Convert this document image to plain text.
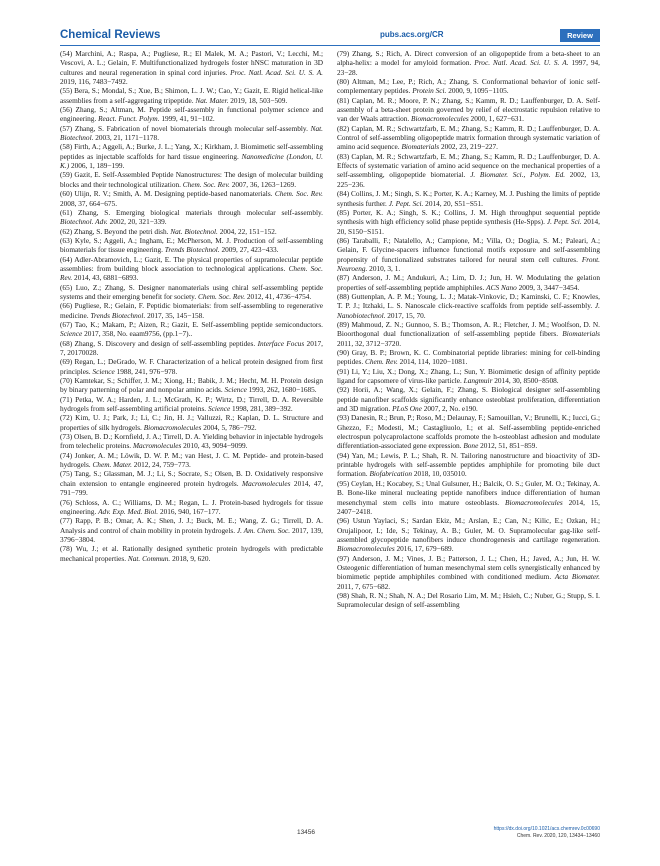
Chemical Reviews	pubs.acs.org/CR	Review

(54) Marchini, A.; Raspa, A.; Pugliese, R.; El Malek, M. A.; Pastori, V.; Lecchi, M.; Vescovi, A. L.; Gelain, F. Multifunctionalized hydrogels foster hNSC maturation in 3D cultures and neural regeneration in spinal cord injuries. Proc. Natl. Acad. Sci. U. S. A. 2019, 116, 7483−7492.

(55) Bera, S.; Mondal, S.; Xue, B.; Shimon, L. J. W.; Cao, Y.; Gazit, E. Rigid helical-like assemblies from a self-aggregating tripeptide. Nat. Mater. 2019, 18, 503−509.

(56) Zhang, S.; Altman, M. Peptide self-assembly in functional polymer science and engineering. React. Funct. Polym. 1999, 41, 91−102.

(57) Zhang, S. Fabrication of novel biomaterials through molecular self-assembly. Nat. Biotechnol. 2003, 21, 1171−1178.

(58) Firth, A.; Aggeli, A.; Burke, J. L.; Yang, X.; Kirkham, J. Biomimetic self-assembling peptides as injectable scaffolds for hard tissue engineering. Nanomedicine (London, U. K.) 2006, 1, 189−199.

(59) Gazit, E. Self-Assembled Peptide Nanostructures: The design of molecular building blocks and their technological utilization. Chem. Soc. Rev. 2007, 36, 1263−1269.

(60) Ulijn, R. V.; Smith, A. M. Designing peptide-based nanomaterials. Chem. Soc. Rev. 2008, 37, 664−675.

(61) Zhang, S. Emerging biological materials through molecular self-assembly. Biotechnol. Adv. 2002, 20, 321−339.

(62) Zhang, S. Beyond the petri dish. Nat. Biotechnol. 2004, 22, 151−152.

(63) Kyle, S.; Aggeli, A.; Ingham, E.; McPherson, M. J. Production of self-assembling biomaterials for tissue engineering. Trends Biotechnol. 2009, 27, 423−433.

(64) Adler-Abramovich, L.; Gazit, E. The physical properties of supramolecular peptide assemblies: from building block association to technological applications. Chem. Soc. Rev. 2014, 43, 6881−6893.

(65) Luo, Z.; Zhang, S. Designer nanomaterials using chiral self-assembling peptide systems and their emerging benefit for society. Chem. Soc. Rev. 2012, 41, 4736−4754.

(66) Pugliese, R.; Gelain, F. Peptidic biomaterials: from self-assembling to regenerative medicine. Trends Biotechnol. 2017, 35, 145−158.

(67) Tao, K.; Makam, P.; Aizen, R.; Gazit, E. Self-assembling peptide semiconductors. Science 2017, 358, No. eaam9756, (pp.1−7)..

(68) Zhang, S. Discovery and design of self-assembling peptides. Interface Focus 2017, 7, 20170028.

(69) Regan, L.; DeGrado, W. F. Characterization of a helical protein designed from first principles. Science 1988, 241, 976−978.

(70) Kamtekar, S.; Schiffer, J. M.; Xiong, H.; Babik, J. M.; Hecht, M. H. Protein design by binary patterning of polar and nonpolar amino acids. Science 1993, 262, 1680−1685.

(71) Petka, W. A.; Harden, J. L.; McGrath, K. P.; Wirtz, D.; Tirrell, D. A. Reversible hydrogels from self-assembling artificial proteins. Science 1998, 281, 389−392.

(72) Kim, U. J.; Park, J.; Li, C.; Jin, H. J.; Valluzzi, R.; Kaplan, D. L. Structure and properties of silk hydrogels. Biomacromolecules 2004, 5, 786−792.

(73) Olsen, B. D.; Kornfield, J. A.; Tirrell, D. A. Yielding behavior in injectable hydrogels from telechelic proteins. Macromolecules 2010, 43, 9094−9099.

(74) Jonker, A. M.; Löwik, D. W. P. M.; van Hest, J. C. M. Peptide- and protein-based hydrogels. Chem. Mater. 2012, 24, 759−773.

(75) Tang, S.; Glassman, M. J.; Li, S.; Socrate, S.; Olsen, B. D. Oxidatively responsive chain extension to entangle engineered protein hydrogels. Macromolecules 2014, 47, 791−799.

(76) Schloss, A. C.; Williams, D. M.; Regan, L. J. Protein-based hydrogels for tissue engineering. Adv. Exp. Med. Biol. 2016, 940, 167−177.

(77) Rapp, P. B.; Omar, A. K.; Shen, J. J.; Buck, M. E.; Wang, Z. G.; Tirrell, D. A. Analysis and control of chain mobility in protein hydrogels. J. Am. Chem. Soc. 2017, 139, 3796−3804.

(78) Wu, J.; et al. Rationally designed synthetic protein hydrogels with predictable mechanical properties. Nat. Commun. 2018, 9, 620.

(79) Zhang, S.; Rich, A. Direct conversion of an oligopeptide from a beta-sheet to an alpha-helix: a model for amyloid formation. Proc. Natl. Acad. Sci. U. S. A. 1997, 94, 23−28.

(80) Altman, M.; Lee, P.; Rich, A.; Zhang, S. Conformational behavior of ionic self-complementary peptides. Protein Sci. 2000, 9, 1095−1105.

(81) Caplan, M. R.; Moore, P. N.; Zhang, S.; Kamm, R. D.; Lauffenburger, D. A. Self-assembly of a beta-sheet protein governed by relief of electrostatic repulsion relative to van der Waals attraction. Biomacromolecules 2000, 1, 627−631.

(82) Caplan, M. R.; Schwartzfarb, E. M.; Zhang, S.; Kamm, R. D.; Lauffenburger, D. A. Control of self-assembling oligopeptide matrix formation through systematic variation of amino acid sequence. Biomaterials 2002, 23, 219−227.

(83) Caplan, M. R.; Schwartzfarb, E. M.; Zhang, S.; Kamm, R. D.; Lauffenburger, D. A. Effects of systematic variation of amino acid sequence on the mechanical properties of a self-assembling, oligopeptide biomaterial. J. Biomater. Sci., Polym. Ed. 2002, 13, 225−236.

(84) Collins, J. M.; Singh, S. K.; Porter, K. A.; Karney, M. J. Pushing the limits of peptide synthesis further. J. Pept. Sci. 2014, 20, S51−S51.

(85) Porter, K. A.; Singh, S. K.; Collins, J. M. High throughput sequential peptide synthesis with high efficiency solid phase peptide synthesis (He-Spps). J. Pept. Sci. 2014, 20, S150−S151.

(86) Taraballi, F.; Natalello, A.; Campione, M.; Villa, O.; Doglia, S. M.; Paleari, A.; Gelain, F. Glycine-spacers influence functional motifs exposure and self-assembling propensity of functionalized substrates tailored for neural stem cell cultures. Front. Neuroeng. 2010, 3, 1.

(87) Anderson, J. M.; Andukuri, A.; Lim, D. J.; Jun, H. W. Modulating the gelation properties of self-assembling peptide amphiphiles. ACS Nano 2009, 3, 3447−3454.

(88) Guttenplan, A. P. M.; Young, L. J.; Matak-Vinkovic, D.; Kaminski, C. F.; Knowles, T. P. J.; Itzhaki, L. S. Nanoscale click-reactive scaffolds from peptide self-assembly. J. Nanobiotechnol. 2017, 15, 70.

(89) Mahmoud, Z. N.; Gunnoo, S. B.; Thomson, A. R.; Fletcher, J. M.; Woolfson, D. N. Bioorthogonal dual functionalization of self-assembling peptide fibers. Biomaterials 2011, 32, 3712−3720.

(90) Gray, B. P.; Brown, K. C. Combinatorial peptide libraries: mining for cell-binding peptides. Chem. Rev. 2014, 114, 1020−1081.

(91) Li, Y.; Liu, X.; Dong, X.; Zhang, L.; Sun, Y. Biomimetic design of affinity peptide ligand for capsomere of virus-like particle. Langmuir 2014, 30, 8500−8508.

(92) Horii, A.; Wang, X.; Gelain, F.; Zhang, S. Biological designer self-assembling peptide nanofiber scaffolds significantly enhance osteoblast proliferation, differentiation and 3D migration. PLoS One 2007, 2, No. e190.

(93) Danesin, R.; Brun, P.; Roso, M.; Delaunay, F.; Samouillan, V.; Brunelli, K.; Iucci, G.; Ghezzo, F.; Modesti, M.; Castagliuolo, I.; et al. Self-assembling peptide-enriched electrospun polycaprolactone scaffolds promote the h-osteoblast adhesion and modulate differentiation-associated gene expression. Bone 2012, 51, 851−859.

(94) Yan, M.; Lewis, P. L.; Shah, R. N. Tailoring nanostructure and bioactivity of 3D-printable hydrogels with self-assemble peptides amphiphile for promoting bile duct formation. Biofabrication 2018, 10, 035010.

(95) Ceylan, H.; Kocabey, S.; Unal Gulsuner, H.; Balcik, O. S.; Guler, M. O.; Tekinay, A. B. Bone-like mineral nucleating peptide nanofibers induce differentiation of human mesenchymal stem cells into mature osteoblasts. Biomacromolecules 2014, 15, 2407−2418.

(96) Ustun Yaylaci, S.; Sardan Ekiz, M.; Arslan, E.; Can, N.; Kilic, E.; Ozkan, H.; Orujalipoor, I.; Ide, S.; Tekinay, A. B.; Guler, M. O. Supramolecular gag-like self-assembled glycopeptide nanofibers induce chondrogenesis and cartilage regeneration. Biomacromolecules 2016, 17, 679−689.

(97) Anderson, J. M.; Vines, J. B.; Patterson, J. L.; Chen, H.; Javed, A.; Jun, H. W. Osteogenic differentiation of human mesenchymal stem cells synergistically enhanced by biomimetic peptide amphiphiles combined with conditioned medium. Acta Biomater. 2011, 7, 675−682.

(98) Shah, R. N.; Shah, N. A.; Del Rosario Lim, M. M.; Hsieh, C.; Nuber, G.; Stupp, S. I. Supramolecular design of self-assembling

13456	https://dx.doi.org/10.1021/acs.chemrev.0c00690
Chem. Rev. 2020, 120, 13434−13460
